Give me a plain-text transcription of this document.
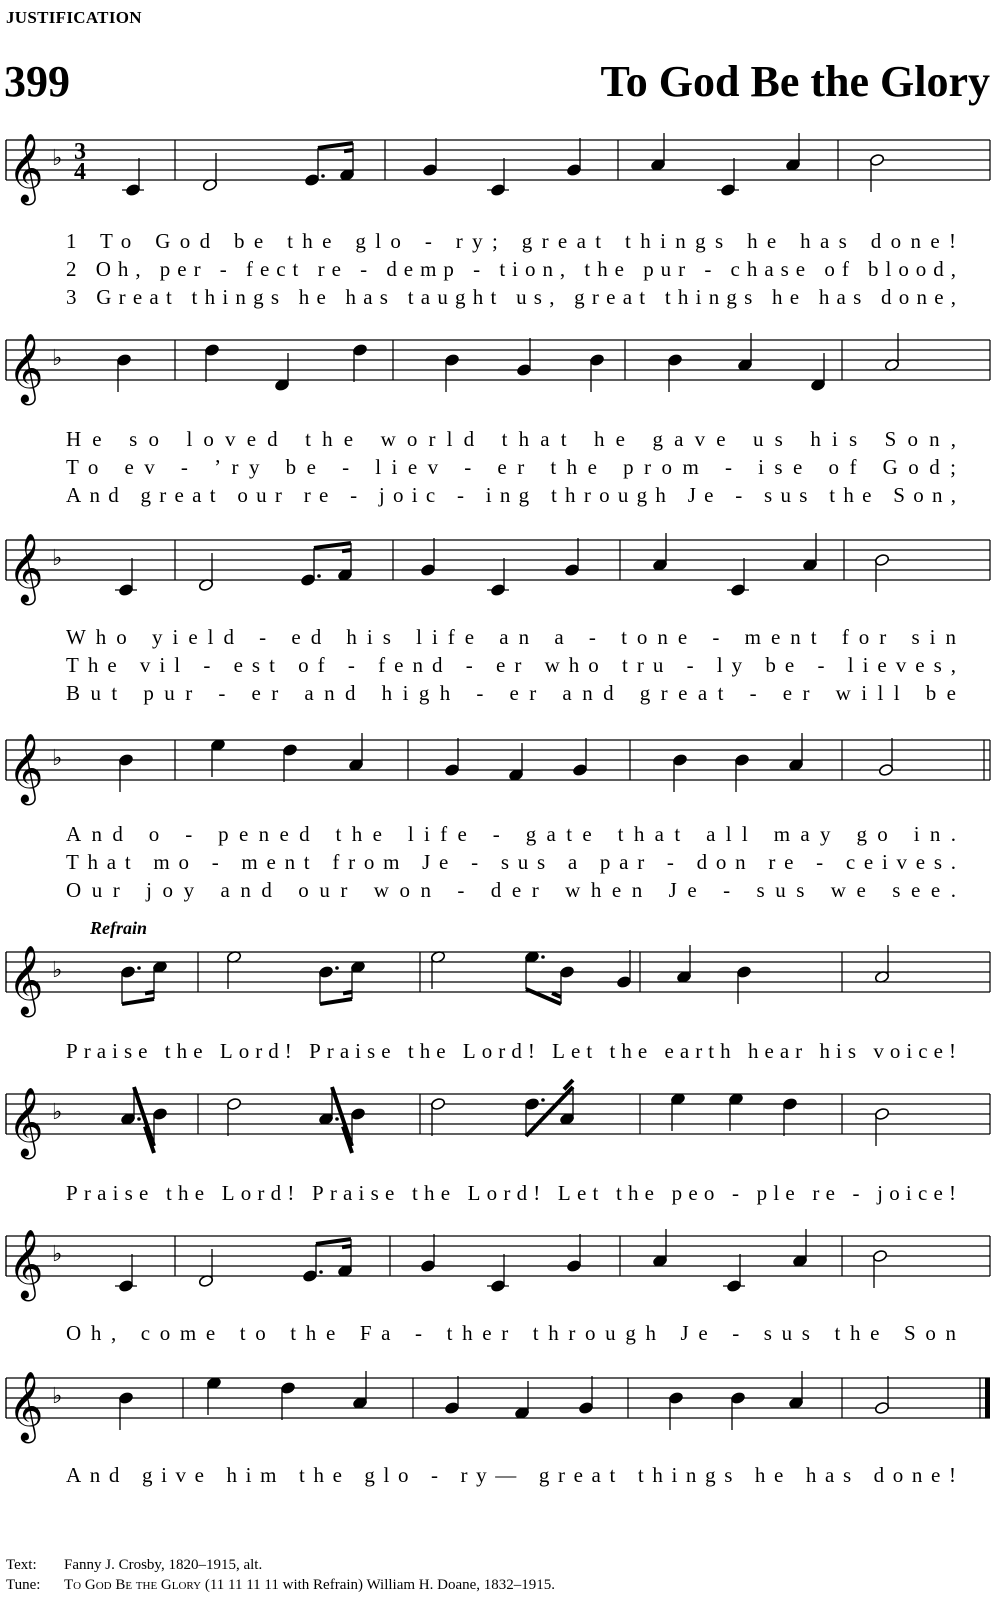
JUSTIFICATION
399	To God Be the Glory
𝄞 ♭ 3
4
1 To God be the glo - ry; great things he has done!
2 Oh, per - fect re - demp - tion, the pur - chase of blood,
3 Great things he has taught us, great things he has done,
𝄞 ♭
He so loved the world that he gave us his Son,
To ev - ’ry be - liev - er the prom - ise of God;
And great our re - joic - ing through Je - sus the Son,
𝄞 ♭
Who yield - ed his life an a - tone - ment for sin
The vil - est of - fend - er who tru - ly be - lieves,
But pur - er and high - er and great - er will be
𝄞 ♭
And o - pened the life - gate that all may go in.
That mo - ment from Je - sus a par - don re - ceives.
Our joy and our won - der when Je - sus we see.
𝄞 ♭
Refrain
Praise the Lord! Praise the Lord! Let the earth hear his voice!
𝄞 ♭
Praise the Lord! Praise the Lord! Let the peo - ple re - joice!
𝄞 ♭
Oh, come to the Fa - ther through Je - sus the Son
𝄞 ♭
And give him the glo - ry— great things he has done!
Text: Fanny J. Crosby, 1820–1915, alt.
Tune: To God Be the Glory (11 11 11 11 with Refrain) William H. Doane, 1832–1915.
